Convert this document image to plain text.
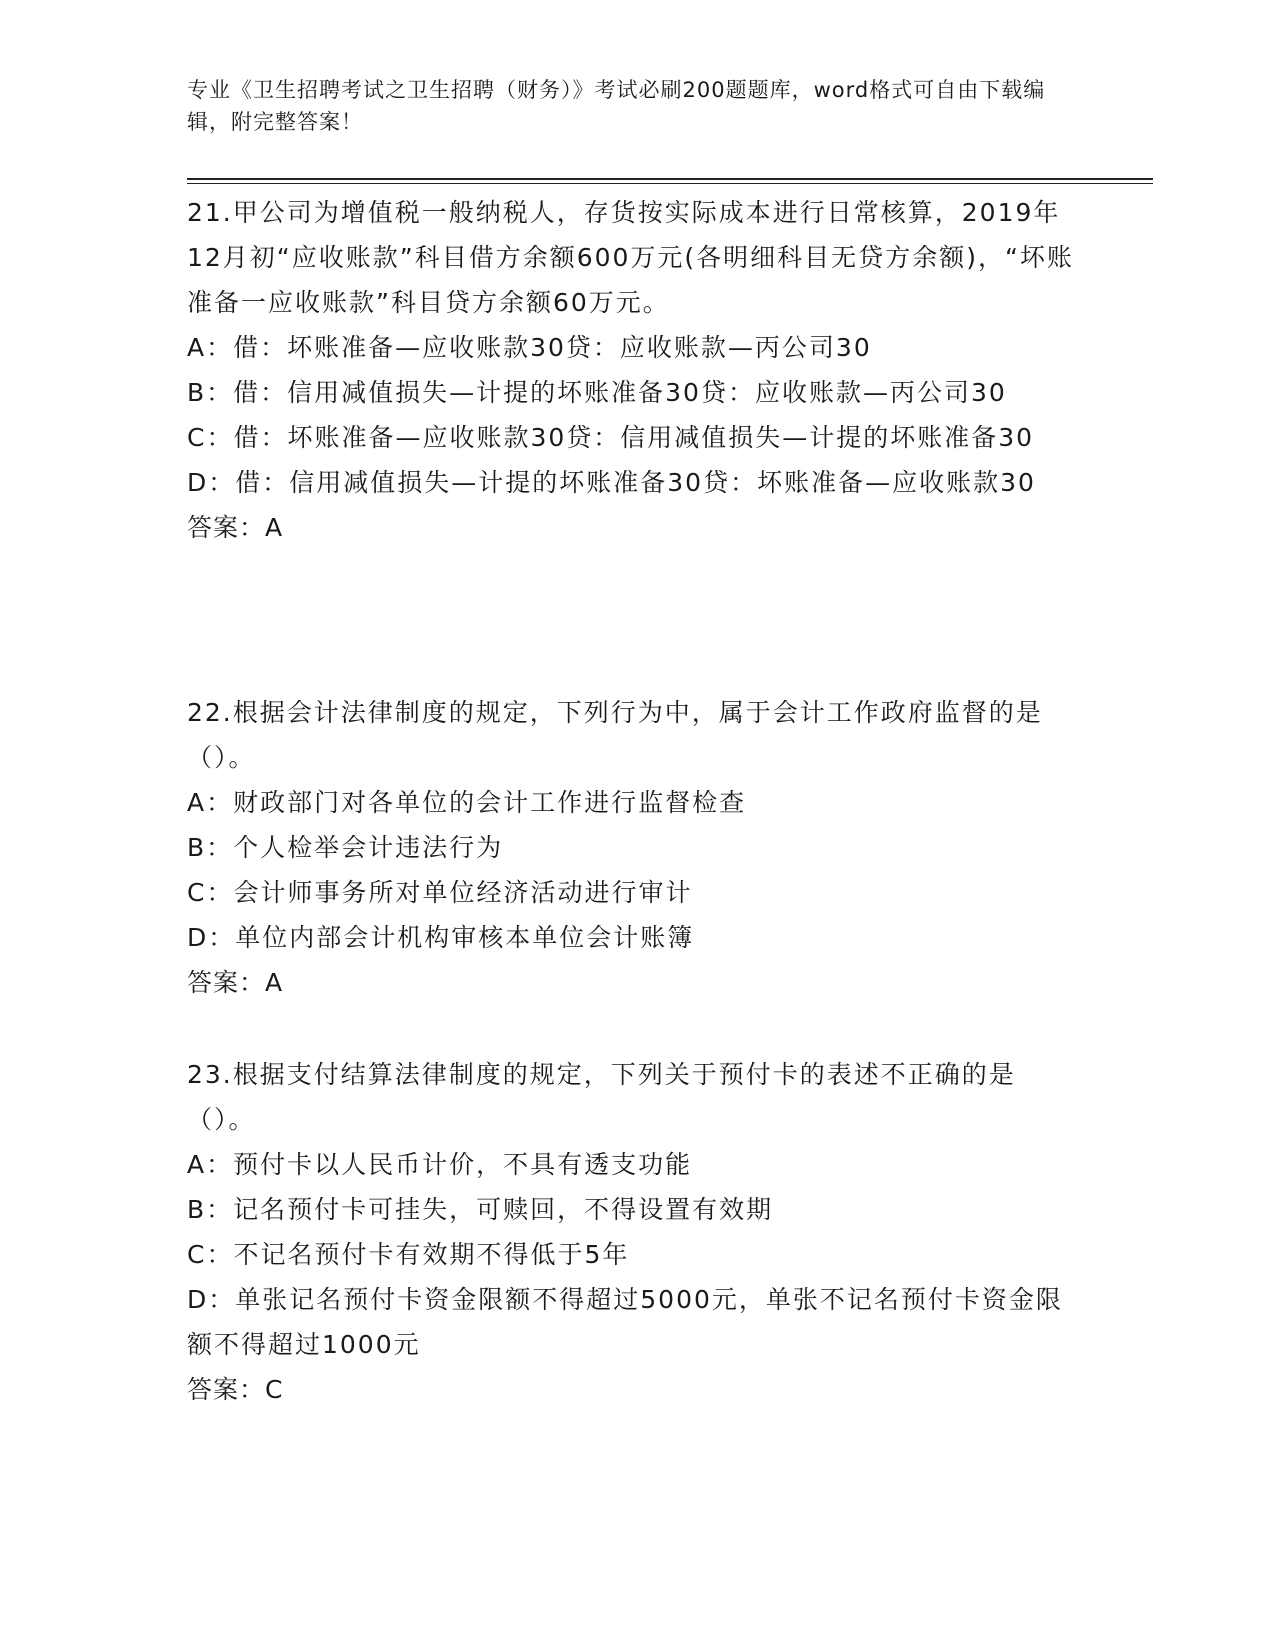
专业《卫生招聘考试之卫生招聘（财务）》考试必刷200题题库，word格式可自由下载编辑，附完整答案！

21.甲公司为增值税一般纳税人，存货按实际成本进行日常核算，2019年12月初“应收账款”科目借方余额600万元(各明细科目无贷方余额)，“坏账准备一应收账款”科目贷方余额60万元。

A：借：坏账准备—应收账款30贷：应收账款—丙公司30

B：借：信用减值损失—计提的坏账准备30贷：应收账款—丙公司30

C：借：坏账准备—应收账款30贷：信用减值损失—计提的坏账准备30

D：借：信用减值损失—计提的坏账准备30贷：坏账准备—应收账款30

答案：A

22.根据会计法律制度的规定，下列行为中，属于会计工作政府监督的是（）。

A：财政部门对各单位的会计工作进行监督检查

B：个人检举会计违法行为

C：会计师事务所对单位经济活动进行审计

D：单位内部会计机构审核本单位会计账簿

答案：A

23.根据支付结算法律制度的规定，下列关于预付卡的表述不正确的是（）。

A：预付卡以人民币计价，不具有透支功能

B：记名预付卡可挂失，可赎回，不得设置有效期

C：不记名预付卡有效期不得低于5年

D：单张记名预付卡资金限额不得超过5000元，单张不记名预付卡资金限额不得超过1000元

答案：C
